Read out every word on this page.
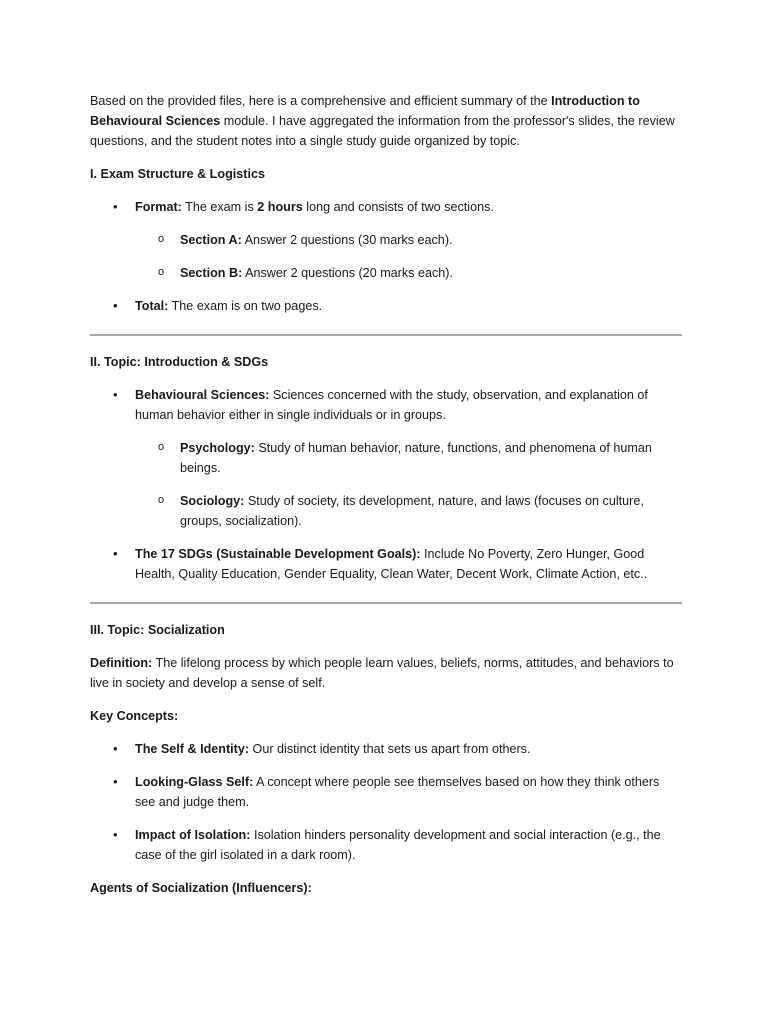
Based on the provided files, here is a comprehensive and efficient summary of the Introduction to Behavioural Sciences module. I have aggregated the information from the professor's slides, the review questions, and the student notes into a single study guide organized by topic.

I. Exam Structure & Logistics

• Format: The exam is 2 hours long and consists of two sections.
o Section A: Answer 2 questions (30 marks each).
o Section B: Answer 2 questions (20 marks each).
• Total: The exam is on two pages.

II. Topic: Introduction & SDGs

• Behavioural Sciences: Sciences concerned with the study, observation, and explanation of human behavior either in single individuals or in groups.
o Psychology: Study of human behavior, nature, functions, and phenomena of human beings.
o Sociology: Study of society, its development, nature, and laws (focuses on culture, groups, socialization).
• The 17 SDGs (Sustainable Development Goals): Include No Poverty, Zero Hunger, Good Health, Quality Education, Gender Equality, Clean Water, Decent Work, Climate Action, etc..

III. Topic: Socialization

Definition: The lifelong process by which people learn values, beliefs, norms, attitudes, and behaviors to live in society and develop a sense of self.

Key Concepts:

• The Self & Identity: Our distinct identity that sets us apart from others.
• Looking-Glass Self: A concept where people see themselves based on how they think others see and judge them.
• Impact of Isolation: Isolation hinders personality development and social interaction (e.g., the case of the girl isolated in a dark room).

Agents of Socialization (Influencers):
